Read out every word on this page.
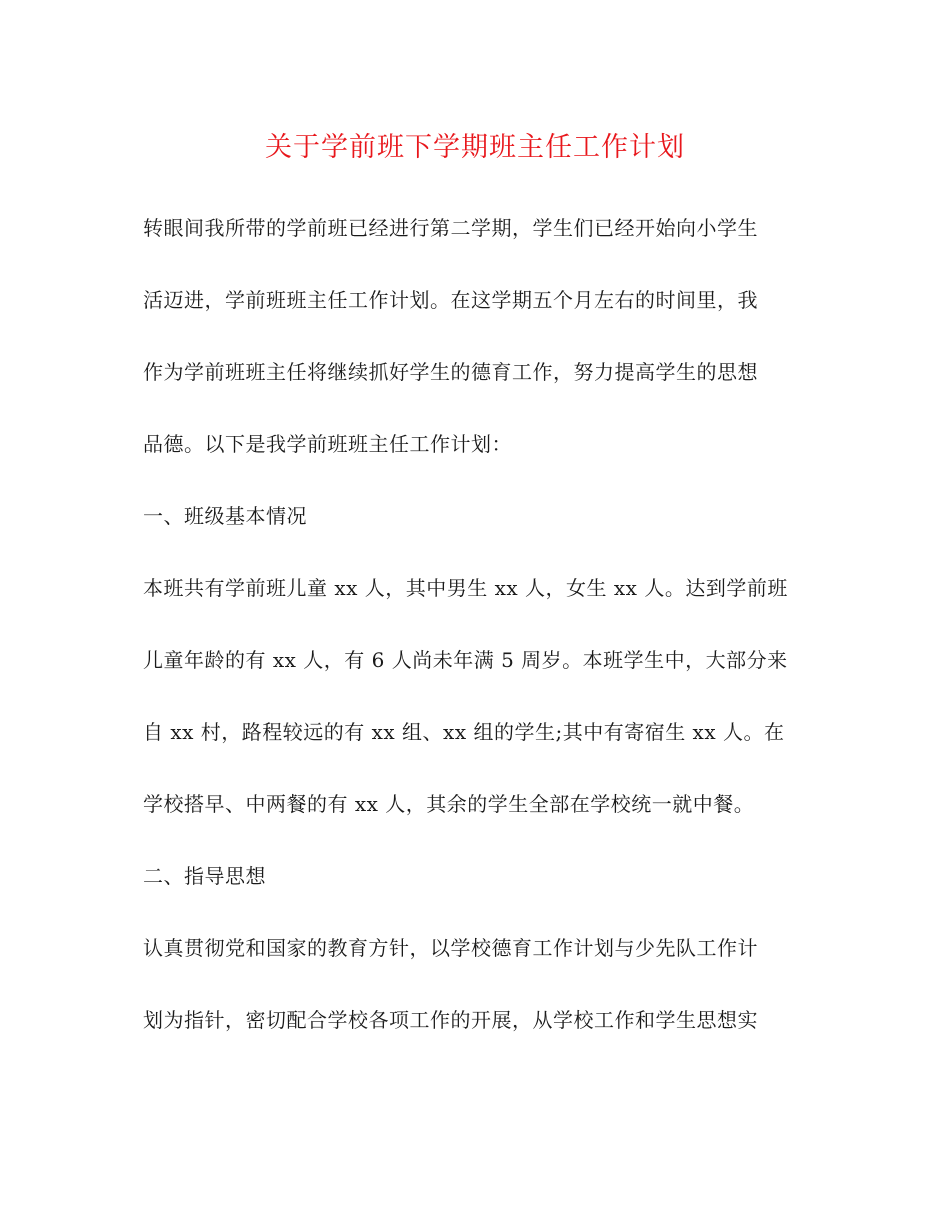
关于学前班下学期班主任工作计划
转眼间我所带的学前班已经进行第二学期，学生们已经开始向小学生
活迈进，学前班班主任工作计划。在这学期五个月左右的时间里，我
作为学前班班主任将继续抓好学生的德育工作，努力提高学生的思想
品德。以下是我学前班班主任工作计划：
一、班级基本情况
本班共有学前班儿童 xx 人，其中男生 xx 人，女生 xx 人。达到学前班
儿童年龄的有 xx 人，有 6 人尚未年满 5 周岁。本班学生中，大部分来
自 xx 村，路程较远的有 xx 组、xx 组的学生;其中有寄宿生 xx 人。在
学校搭早、中两餐的有 xx 人，其余的学生全部在学校统一就中餐。
二、指导思想
认真贯彻党和国家的教育方针，以学校德育工作计划与少先队工作计
划为指针，密切配合学校各项工作的开展，从学校工作和学生思想实
